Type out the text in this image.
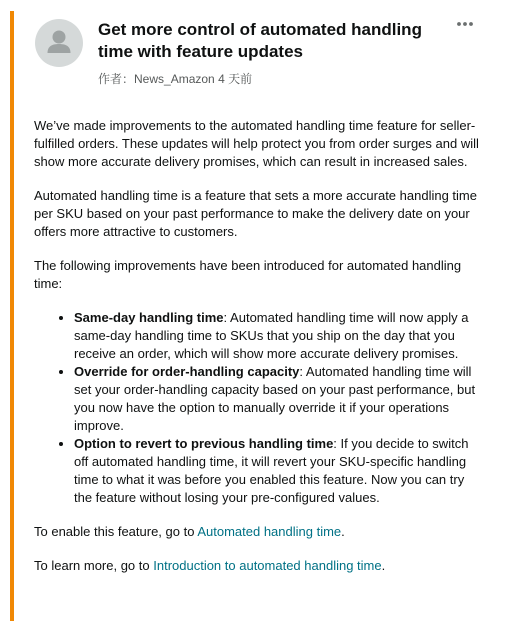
Get more control of automated handling time with feature updates
作者：News_Amazon 4 天前

We’ve made improvements to the automated handling time feature for seller-fulfilled orders. These updates will help protect you from order surges and will show more accurate delivery promises, which can result in increased sales.

Automated handling time is a feature that sets a more accurate handling time per SKU based on your past performance to make the delivery date on your offers more attractive to customers.

The following improvements have been introduced for automated handling time:

• Same-day handling time: Automated handling time will now apply a same-day handling time to SKUs that you ship on the day that you receive an order, which will show more accurate delivery promises.
• Override for order-handling capacity: Automated handling time will set your order-handling capacity based on your past performance, but you now have the option to manually override it if your operations improve.
• Option to revert to previous handling time: If you decide to switch off automated handling time, it will revert your SKU-specific handling time to what it was before you enabled this feature. Now you can try the feature without losing your pre-configured values.

To enable this feature, go to Automated handling time.

To learn more, go to Introduction to automated handling time.
